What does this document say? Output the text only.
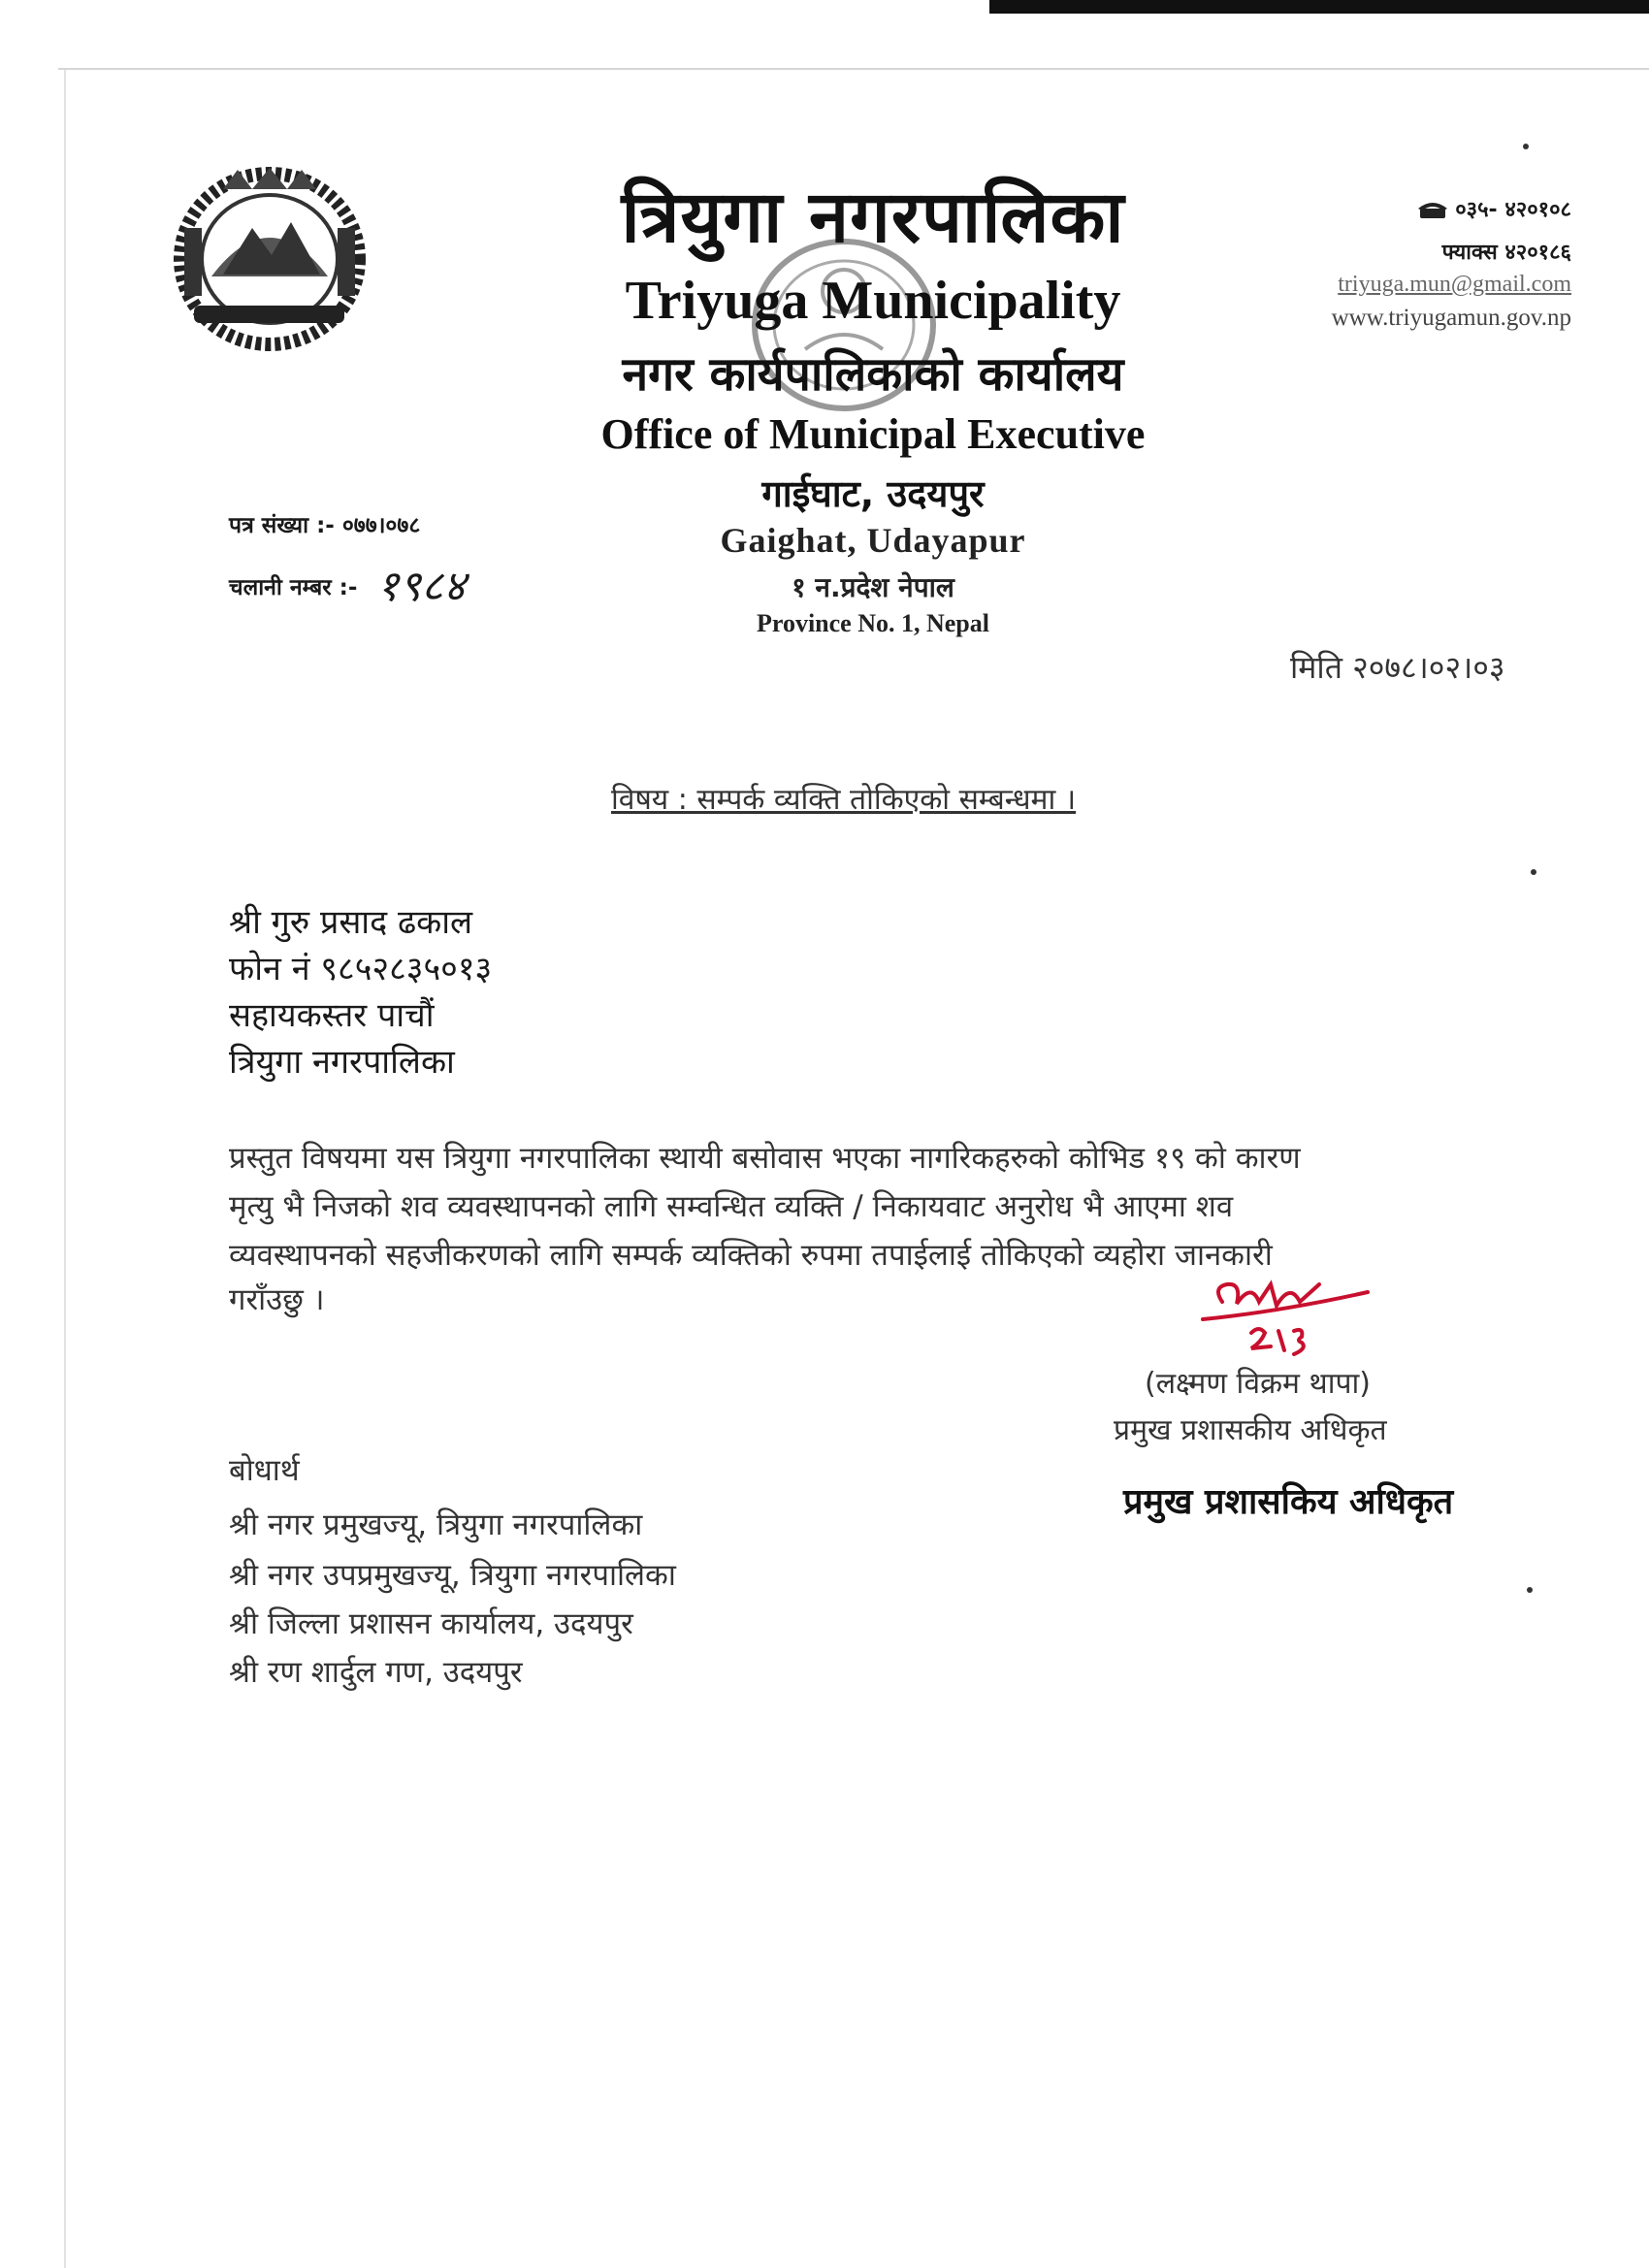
त्रियुगा नगरपालिका
Triyuga Municipality
नगर कार्यपालिकाको कार्यालय
Office of Municipal Executive
गाईघाट, उदयपुर
Gaighat, Udayapur
१ न.प्रदेश नेपाल
Province No. 1, Nepal
०३५- ४२०१०८
फ्याक्स ४२०१८६
triyuga.mun@gmail.com
www.triyugamun.gov.np
पत्र संख्या :- ०७७।०७८
चलानी नम्बर :- १९८४
मिति २०७८।०२।०३
विषय : सम्पर्क व्यक्ति तोकिएको सम्बन्धमा ।
श्री गुरु प्रसाद ढकाल
फोन नं ९८५२८३५०१३
सहायकस्तर पाचौं
त्रियुगा नगरपालिका
प्रस्तुत विषयमा यस त्रियुगा नगरपालिका स्थायी बसोवास भएका नागरिकहरुको कोभिड १९ को कारण
मृत्यु भै निजको शव व्यवस्थापनको लागि सम्वन्धित व्यक्ति / निकायवाट अनुरोध भै आएमा शव
व्यवस्थापनको सहजीकरणको लागि सम्पर्क व्यक्तिको रुपमा तपाईलाई तोकिएको व्यहोरा जानकारी
गराँउछु ।
(लक्ष्मण विक्रम थापा)
प्रमुख प्रशासकीय अधिकृत
प्रमुख प्रशासकिय अधिकृत
बोधार्थ
श्री नगर प्रमुखज्यू, त्रियुगा नगरपालिका
श्री नगर उपप्रमुखज्यू, त्रियुगा नगरपालिका
श्री जिल्ला प्रशासन कार्यालय, उदयपुर
श्री रण शार्दुल गण, उदयपुर
